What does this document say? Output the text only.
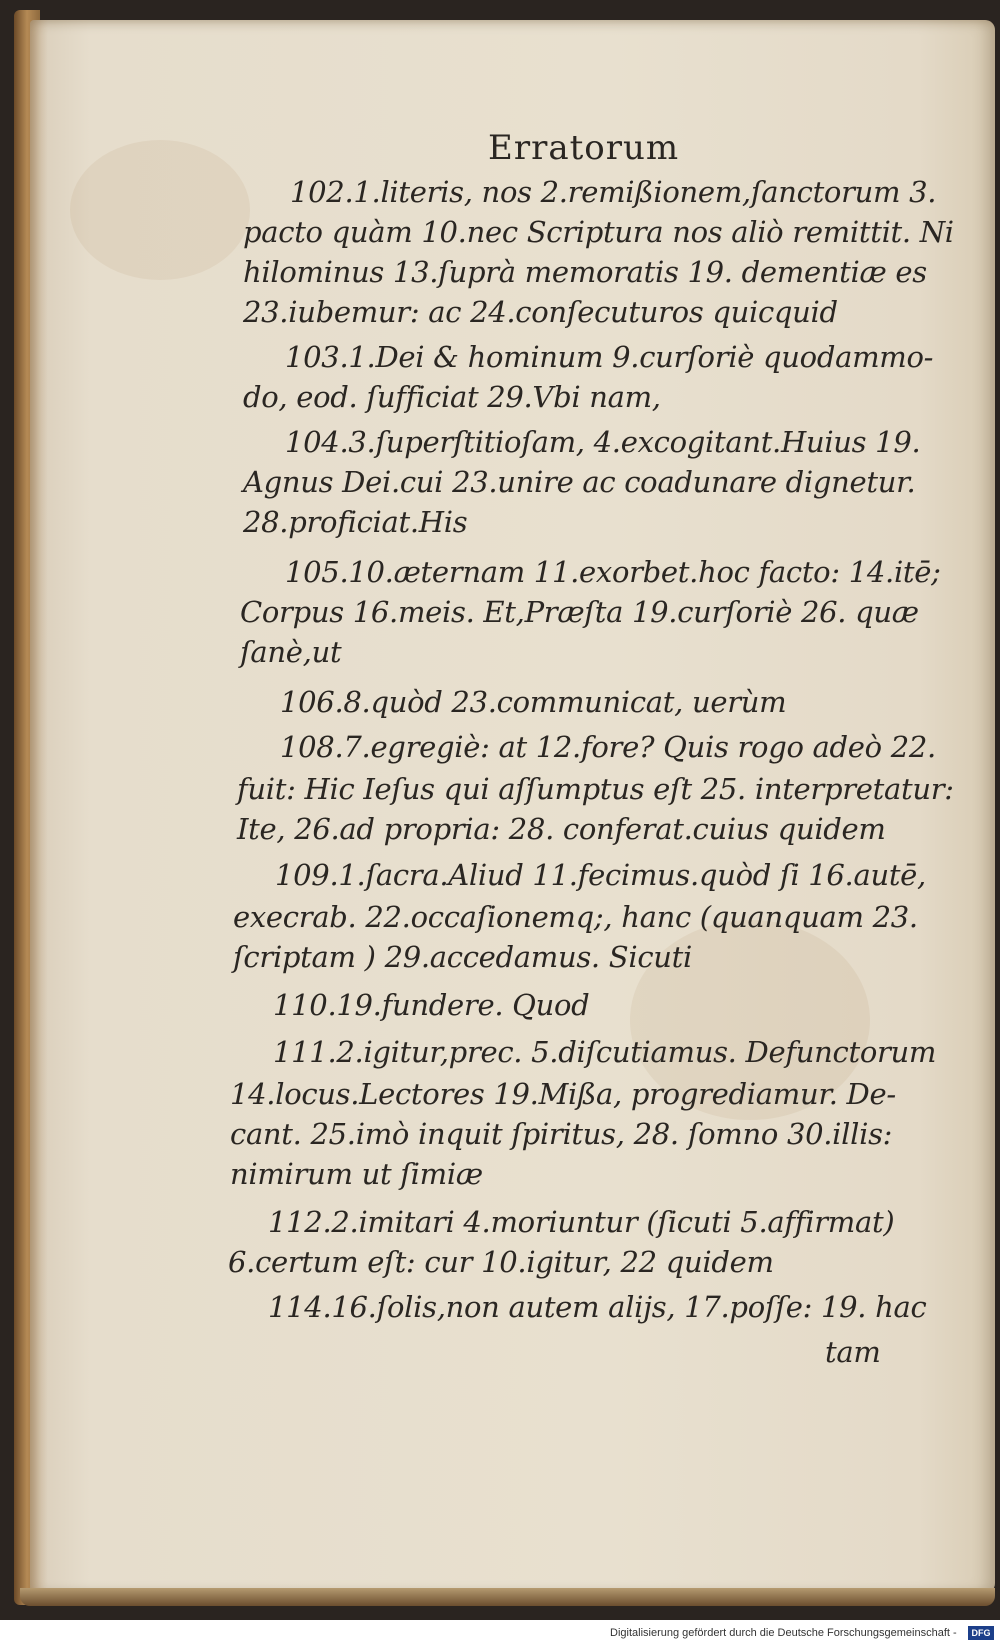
Erratorum
102.1.literis, nos 2.remißionem,ſanctorum 3.
pacto quàm 10.nec Scriptura nos aliò remittit. Ni
hilominus 13.ſuprà memoratis 19. dementiæ es
23.iubemur: ac 24.conſecuturos quicquid
103.1.Dei & hominum 9.curſoriè quodammo-
do, eod. ſufficiat 29.Vbi nam,
104.3.ſuperſtitioſam, 4.excogitant.Huius 19.
Agnus Dei.cui 23.unire ac coadunare dignetur.
28.proficiat.His
105.10.æternam 11.exorbet.hoc facto: 14.itē;
Corpus 16.meis. Et,Præſta 19.curſoriè 26. quæ
ſanè,ut
106.8.quòd 23.communicat, uerùm
108.7.egregiè: at 12.fore? Quis rogo adeò 22.
fuit: Hic Ieſus qui aſſumptus eſt 25. interpretatur:
Ite, 26.ad propria: 28. conferat.cuius quidem
109.1.ſacra.Aliud 11.fecimus.quòd ſi 16.autē,
execrab. 22.occaſionemq;, hanc (quanquam 23.
ſcriptam ) 29.accedamus. Sicuti
110.19.fundere. Quod
111.2.igitur,prec. 5.diſcutiamus. Defunctorum
14.locus.Lectores 19.Mißa, progrediamur. De-
cant. 25.imò inquit ſpiritus, 28. ſomno 30.illis:
nimirum ut ſimiæ
112.2.imitari 4.moriuntur (ſicuti 5.affirmat)
6.certum eſt: cur 10.igitur, 22 quidem
114.16.ſolis,non autem alijs, 17.poſſe: 19. hac
tam
Digitalisierung gefördert durch die Deutsche Forschungsgemeinschaft -	DFG
